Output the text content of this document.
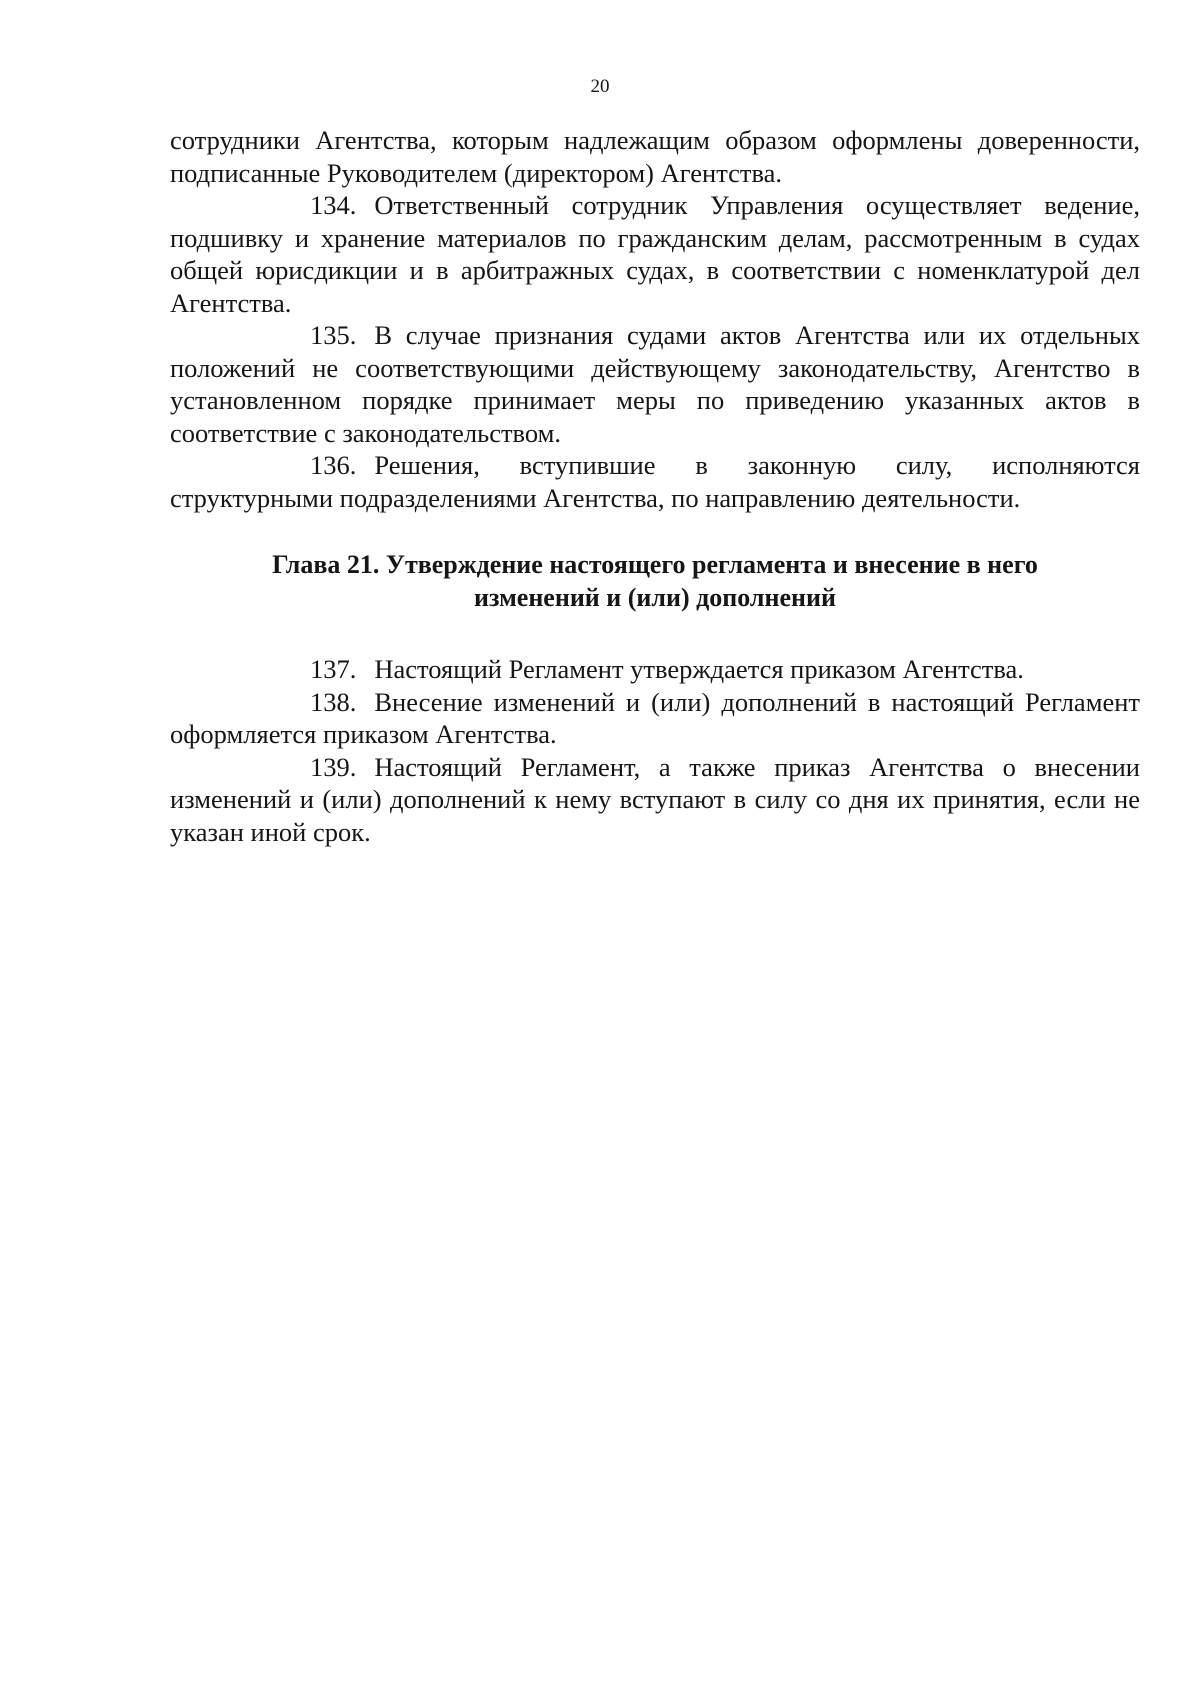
20

сотрудники Агентства, которым надлежащим образом оформлены доверенности, подписанные Руководителем (директором) Агентства.

134. Ответственный сотрудник Управления осуществляет ведение, подшивку и хранение материалов по гражданским делам, рассмотренным в судах общей юрисдикции и в арбитражных судах, в соответствии с номенклатурой дел Агентства.

135. В случае признания судами актов Агентства или их отдельных положений не соответствующими действующему законодательству, Агентство в установленном порядке принимает меры по приведению указанных актов в соответствие с законодательством.

136. Решения, вступившие в законную силу, исполняются структурными подразделениями Агентства, по направлению деятельности.

Глава 21. Утверждение настоящего регламента и внесение в него
изменений и (или) дополнений

137. Настоящий Регламент утверждается приказом Агентства.

138. Внесение изменений и (или) дополнений в настоящий Регламент оформляется приказом Агентства.

139. Настоящий Регламент, а также приказ Агентства о внесении изменений и (или) дополнений к нему вступают в силу со дня их принятия, если не указан иной срок.
